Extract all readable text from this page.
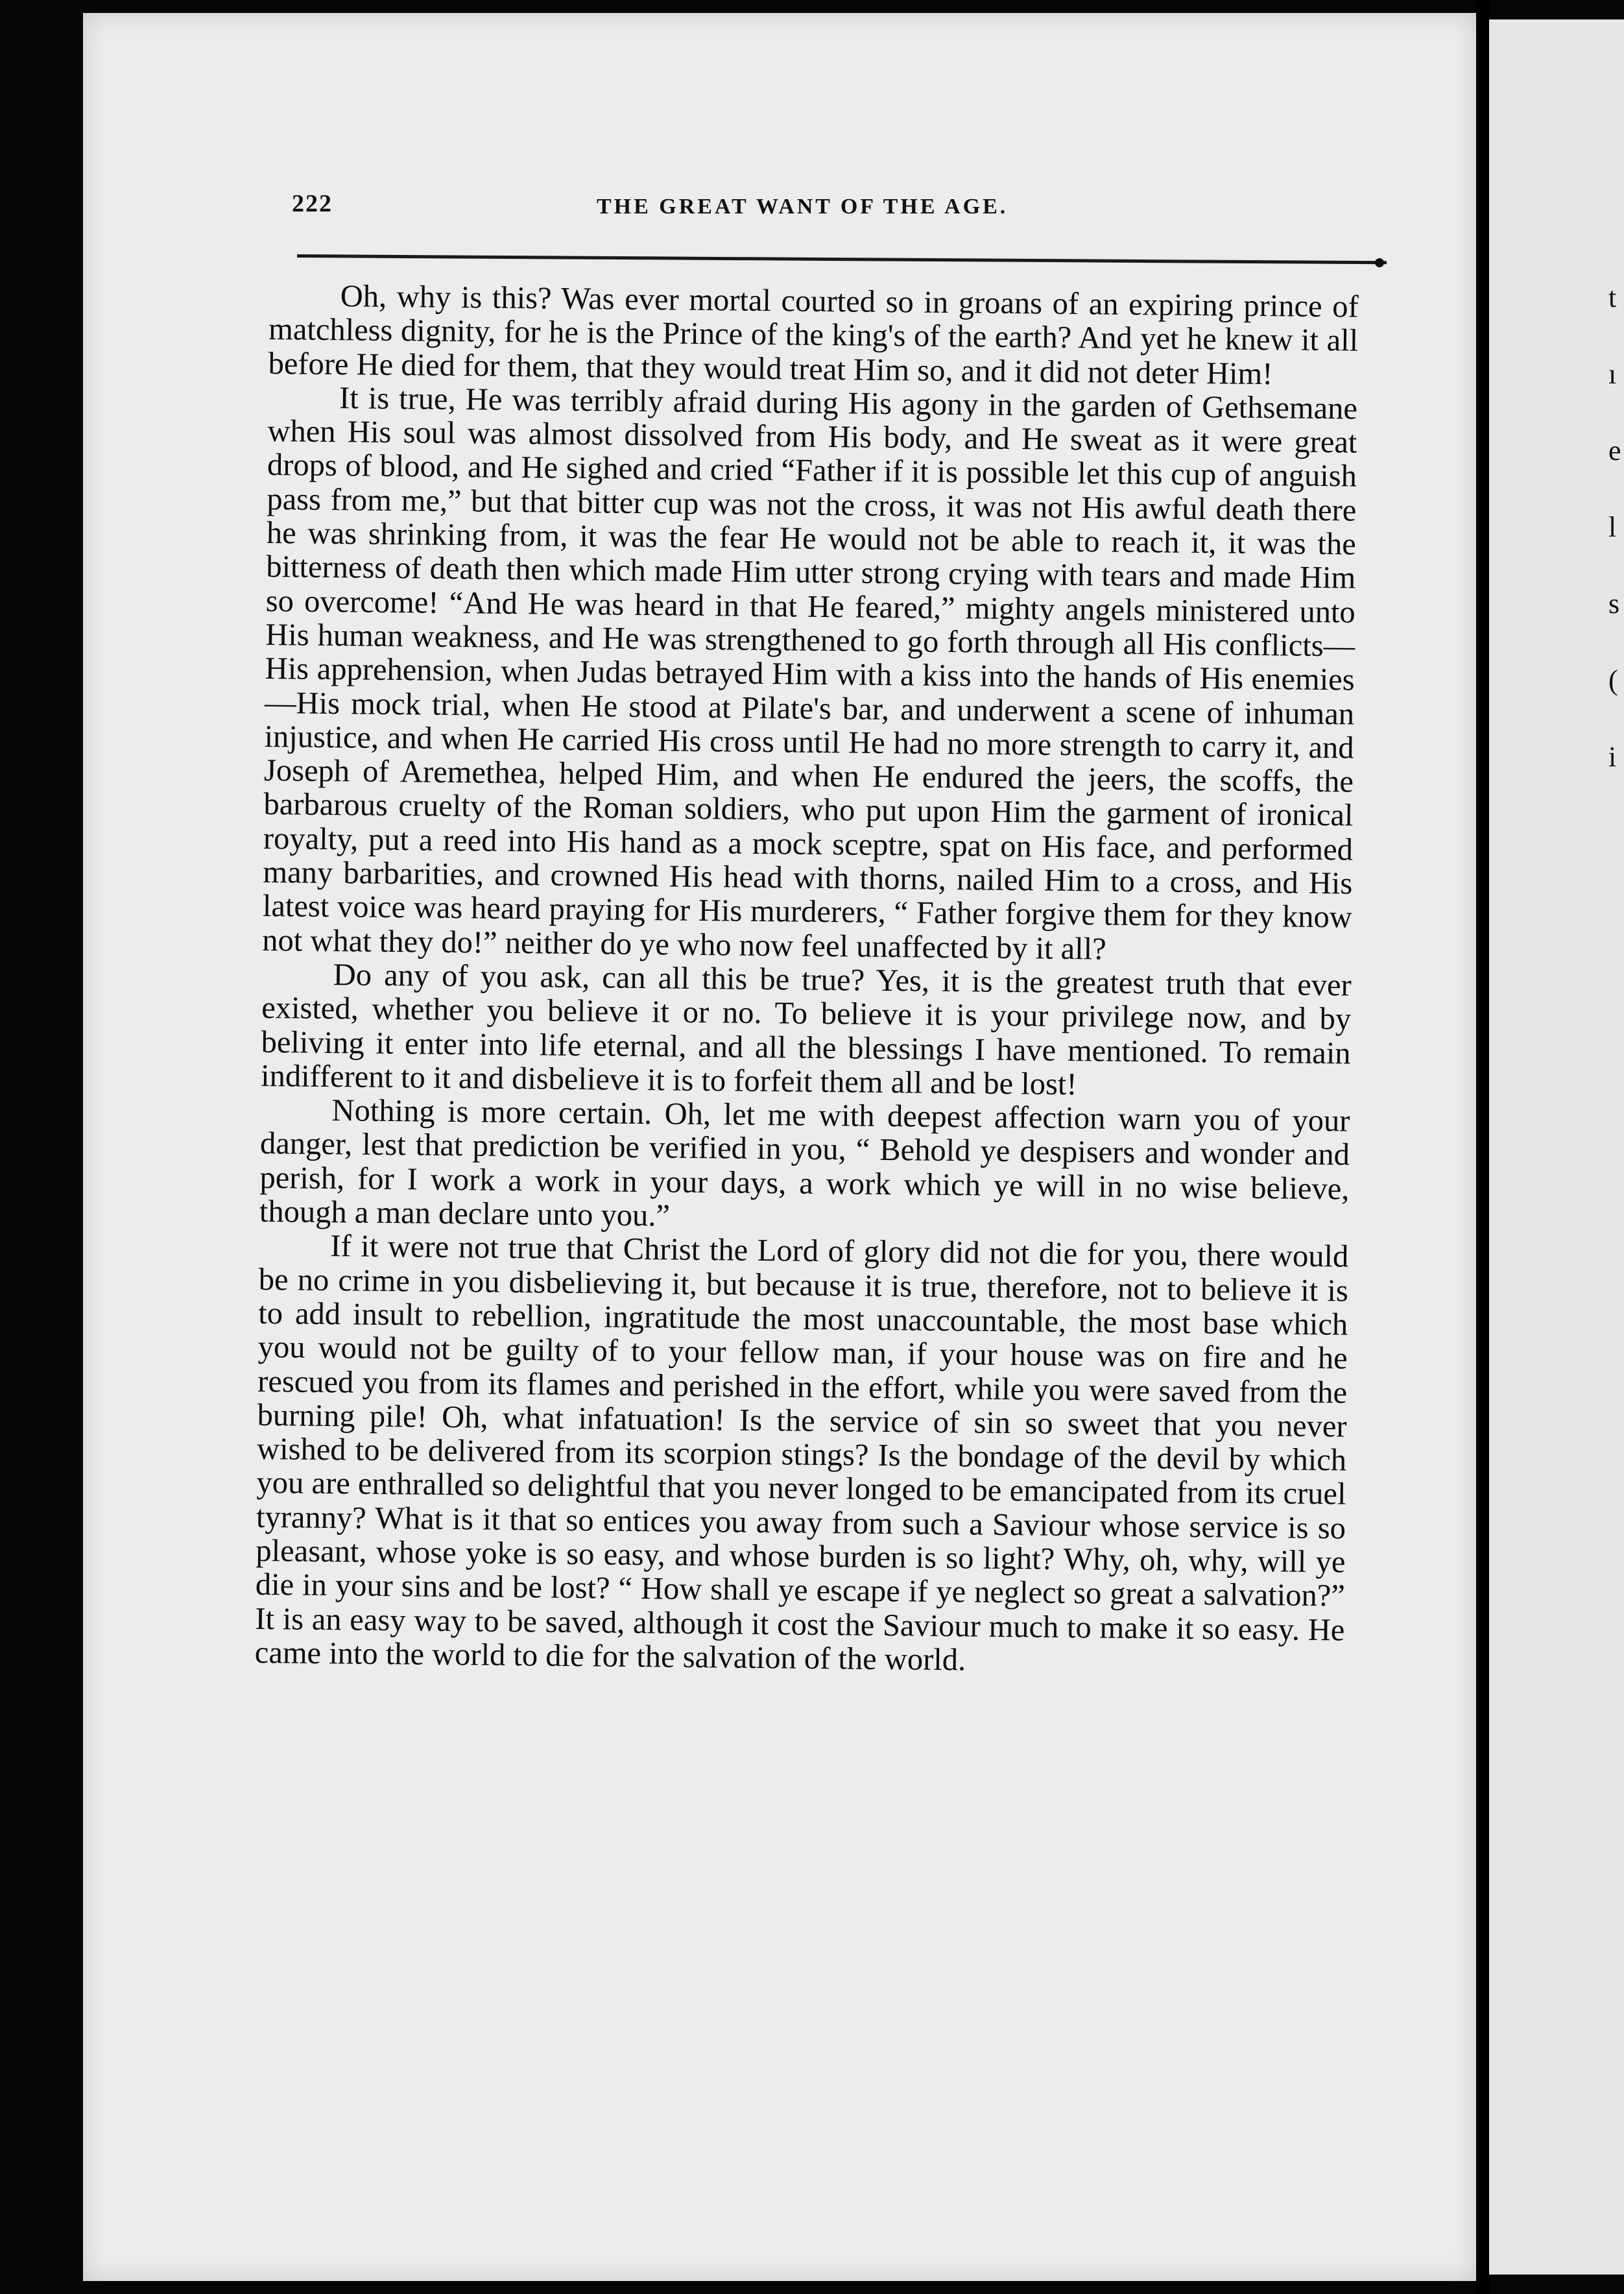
t
ı
e
l
s
(
i
222	THE GREAT WANT OF THE AGE.

Oh, why is this? Was ever mortal courted so in groans of an expiring prince of matchless dignity, for he is the Prince of the king's of the earth? And yet he knew it all before He died for them, that they would treat Him so, and it did not deter Him!

It is true, He was terribly afraid during His agony in the garden of Gethsemane when His soul was almost dissolved from His body, and He sweat as it were great drops of blood, and He sighed and cried “Father if it is possible let this cup of anguish pass from me,” but that bitter cup was not the cross, it was not His awful death there he was shrinking from, it was the fear He would not be able to reach it, it was the bitterness of death then which made Him utter strong crying with tears and made Him so overcome! “And He was heard in that He feared,” mighty angels ministered unto His human weakness, and He was strengthened to go forth through all His conflicts—His apprehension, when Judas betrayed Him with a kiss into the hands of His enemies—His mock trial, when He stood at Pilate's bar, and underwent a scene of inhuman injustice, and when He carried His cross until He had no more strength to carry it, and Joseph of Aremethea, helped Him, and when He endured the jeers, the scoffs, the barbarous cruelty of the Roman soldiers, who put upon Him the garment of ironical royalty, put a reed into His hand as a mock sceptre, spat on His face, and performed many barbarities, and crowned His head with thorns, nailed Him to a cross, and His latest voice was heard praying for His murderers, “ Father forgive them for they know not what they do!” neither do ye who now feel unaffected by it all?

Do any of you ask, can all this be true? Yes, it is the greatest truth that ever existed, whether you believe it or no. To believe it is your privilege now, and by beliving it enter into life eternal, and all the blessings I have mentioned. To remain indifferent to it and disbelieve it is to forfeit them all and be lost!

Nothing is more certain. Oh, let me with deepest affection warn you of your danger, lest that prediction be verified in you, “ Behold ye despisers and wonder and perish, for I work a work in your days, a work which ye will in no wise believe, though a man declare unto you.”

If it were not true that Christ the Lord of glory did not die for you, there would be no crime in you disbelieving it, but because it is true, therefore, not to believe it is to add insult to rebellion, ingratitude the most unaccountable, the most base which you would not be guilty of to your fellow man, if your house was on fire and he rescued you from its flames and perished in the effort, while you were saved from the burning pile! Oh, what infatuation! Is the service of sin so sweet that you never wished to be delivered from its scorpion stings? Is the bondage of the devil by which you are enthralled so delightful that you never longed to be emancipated from its cruel tyranny? What is it that so entices you away from such a Saviour whose service is so pleasant, whose yoke is so easy, and whose burden is so light? Why, oh, why, will ye die in your sins and be lost? “ How shall ye escape if ye neglect so great a salvation?” It is an easy way to be saved, although it cost the Saviour much to make it so easy. He came into the world to die for the salvation of the world.
